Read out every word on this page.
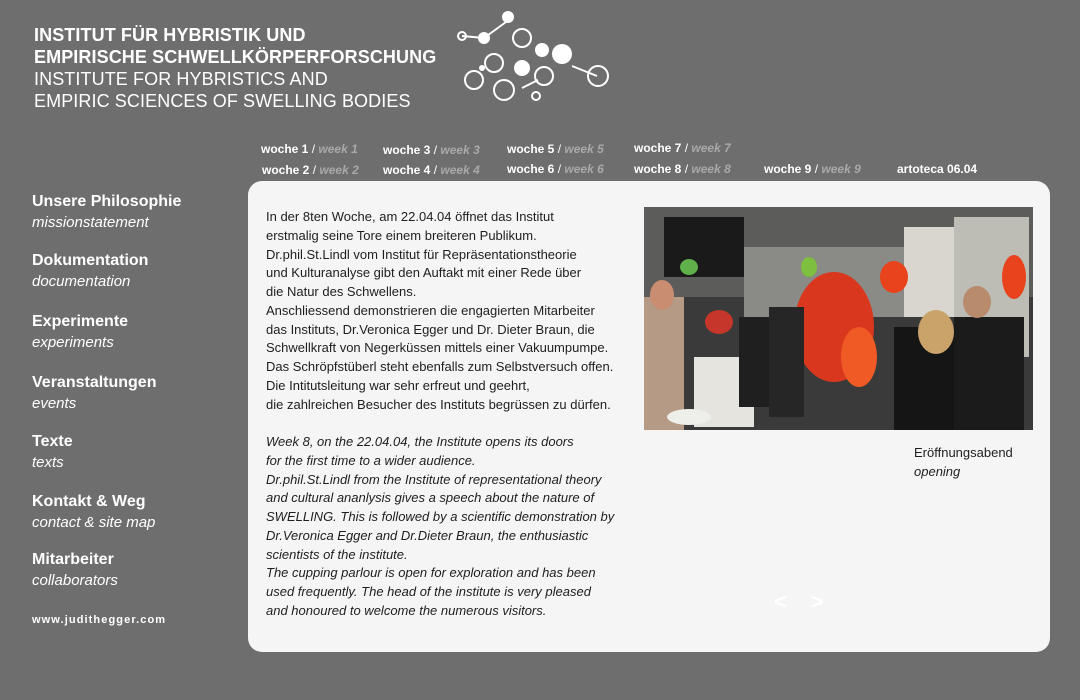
INSTITUT FÜR HYBRISTIK UND
EMPIRISCHE SCHWELLKÖRPERFORSCHUNG
INSTITUTE FOR HYBRISTICS AND
EMPIRIC SCIENCES OF SWELLING BODIES
woche 1 / week 1
woche 2 / week 2
woche 3 / week 3
woche 4 / week 4
woche 5 / week 5
woche 6 / week 6
woche 7 / week 7
woche 8 / week 8	woche 9 / week 9	artoteca 06.04
Unsere Philosophie
missionstatement
Dokumentation
documentation
Experimente
experiments
Veranstaltungen
events
Texte
texts
Kontakt & Weg
contact & site map
Mitarbeiter
collaborators
www.judithegger.com
In der 8ten Woche, am 22.04.04 öffnet das Institut
erstmalig seine Tore einem breiteren Publikum.
Dr.phil.St.Lindl vom Institut für Repräsentationstheorie
und Kulturanalyse gibt den Auftakt mit einer Rede über
die Natur des Schwellens.
Anschliessend demonstrieren die engagierten Mitarbeiter
das Instituts, Dr.Veronica Egger und Dr. Dieter Braun, die
Schwellkraft von Negerküssen mittels einer Vakuumpumpe.
Das Schröpfstüberl steht ebenfalls zum Selbstversuch offen.
Die Intitutsleitung war sehr erfreut und geehrt,
die zahlreichen Besucher des Instituts begrüssen zu dürfen.
Week 8, on the 22.04.04, the Institute opens its doors
for the first time to a wider audience.
Dr.phil.St.Lindl from the Institute of representational theory
and cultural ananlysis gives a speech about the nature of
SWELLING. This is followed by a scientific demonstration by
Dr.Veronica Egger and Dr.Dieter Braun, the enthusiastic
scientists of the institute.
The cupping parlour is open for exploration and has been
used frequently. The head of the institute is very pleased
and honoured to welcome the numerous visitors.
Eröffnungsabend
opening
< >
